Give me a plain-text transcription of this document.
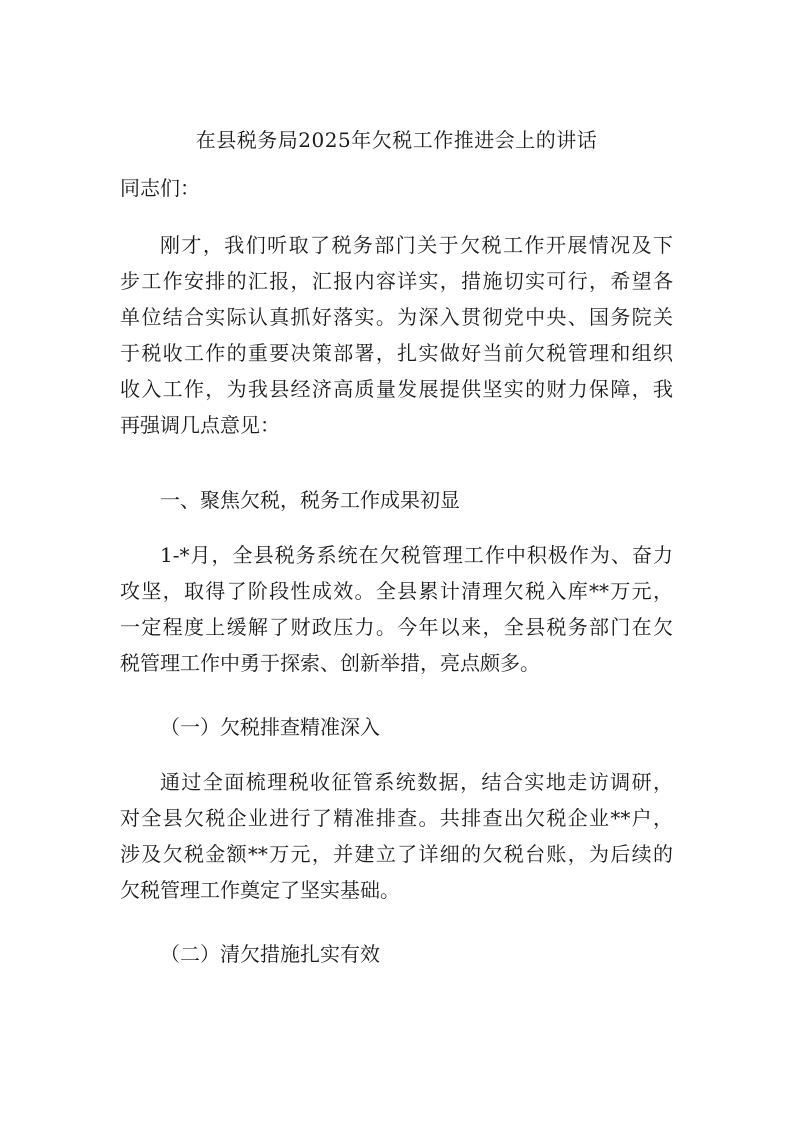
在县税务局2025年欠税工作推进会上的讲话
同志们：
刚才，我们听取了税务部门关于欠税工作开展情况及下
步工作安排的汇报，汇报内容详实，措施切实可行，希望各
单位结合实际认真抓好落实。为深入贯彻党中央、国务院关
于税收工作的重要决策部署，扎实做好当前欠税管理和组织
收入工作，为我县经济高质量发展提供坚实的财力保障，我
再强调几点意见：
一、聚焦欠税，税务工作成果初显
1-*月，全县税务系统在欠税管理工作中积极作为、奋力
攻坚，取得了阶段性成效。全县累计清理欠税入库**万元，
一定程度上缓解了财政压力。今年以来，全县税务部门在欠
税管理工作中勇于探索、创新举措，亮点颇多。
（一）欠税排查精准深入
通过全面梳理税收征管系统数据，结合实地走访调研，
对全县欠税企业进行了精准排查。共排查出欠税企业**户，
涉及欠税金额**万元，并建立了详细的欠税台账，为后续的
欠税管理工作奠定了坚实基础。
（二）清欠措施扎实有效
